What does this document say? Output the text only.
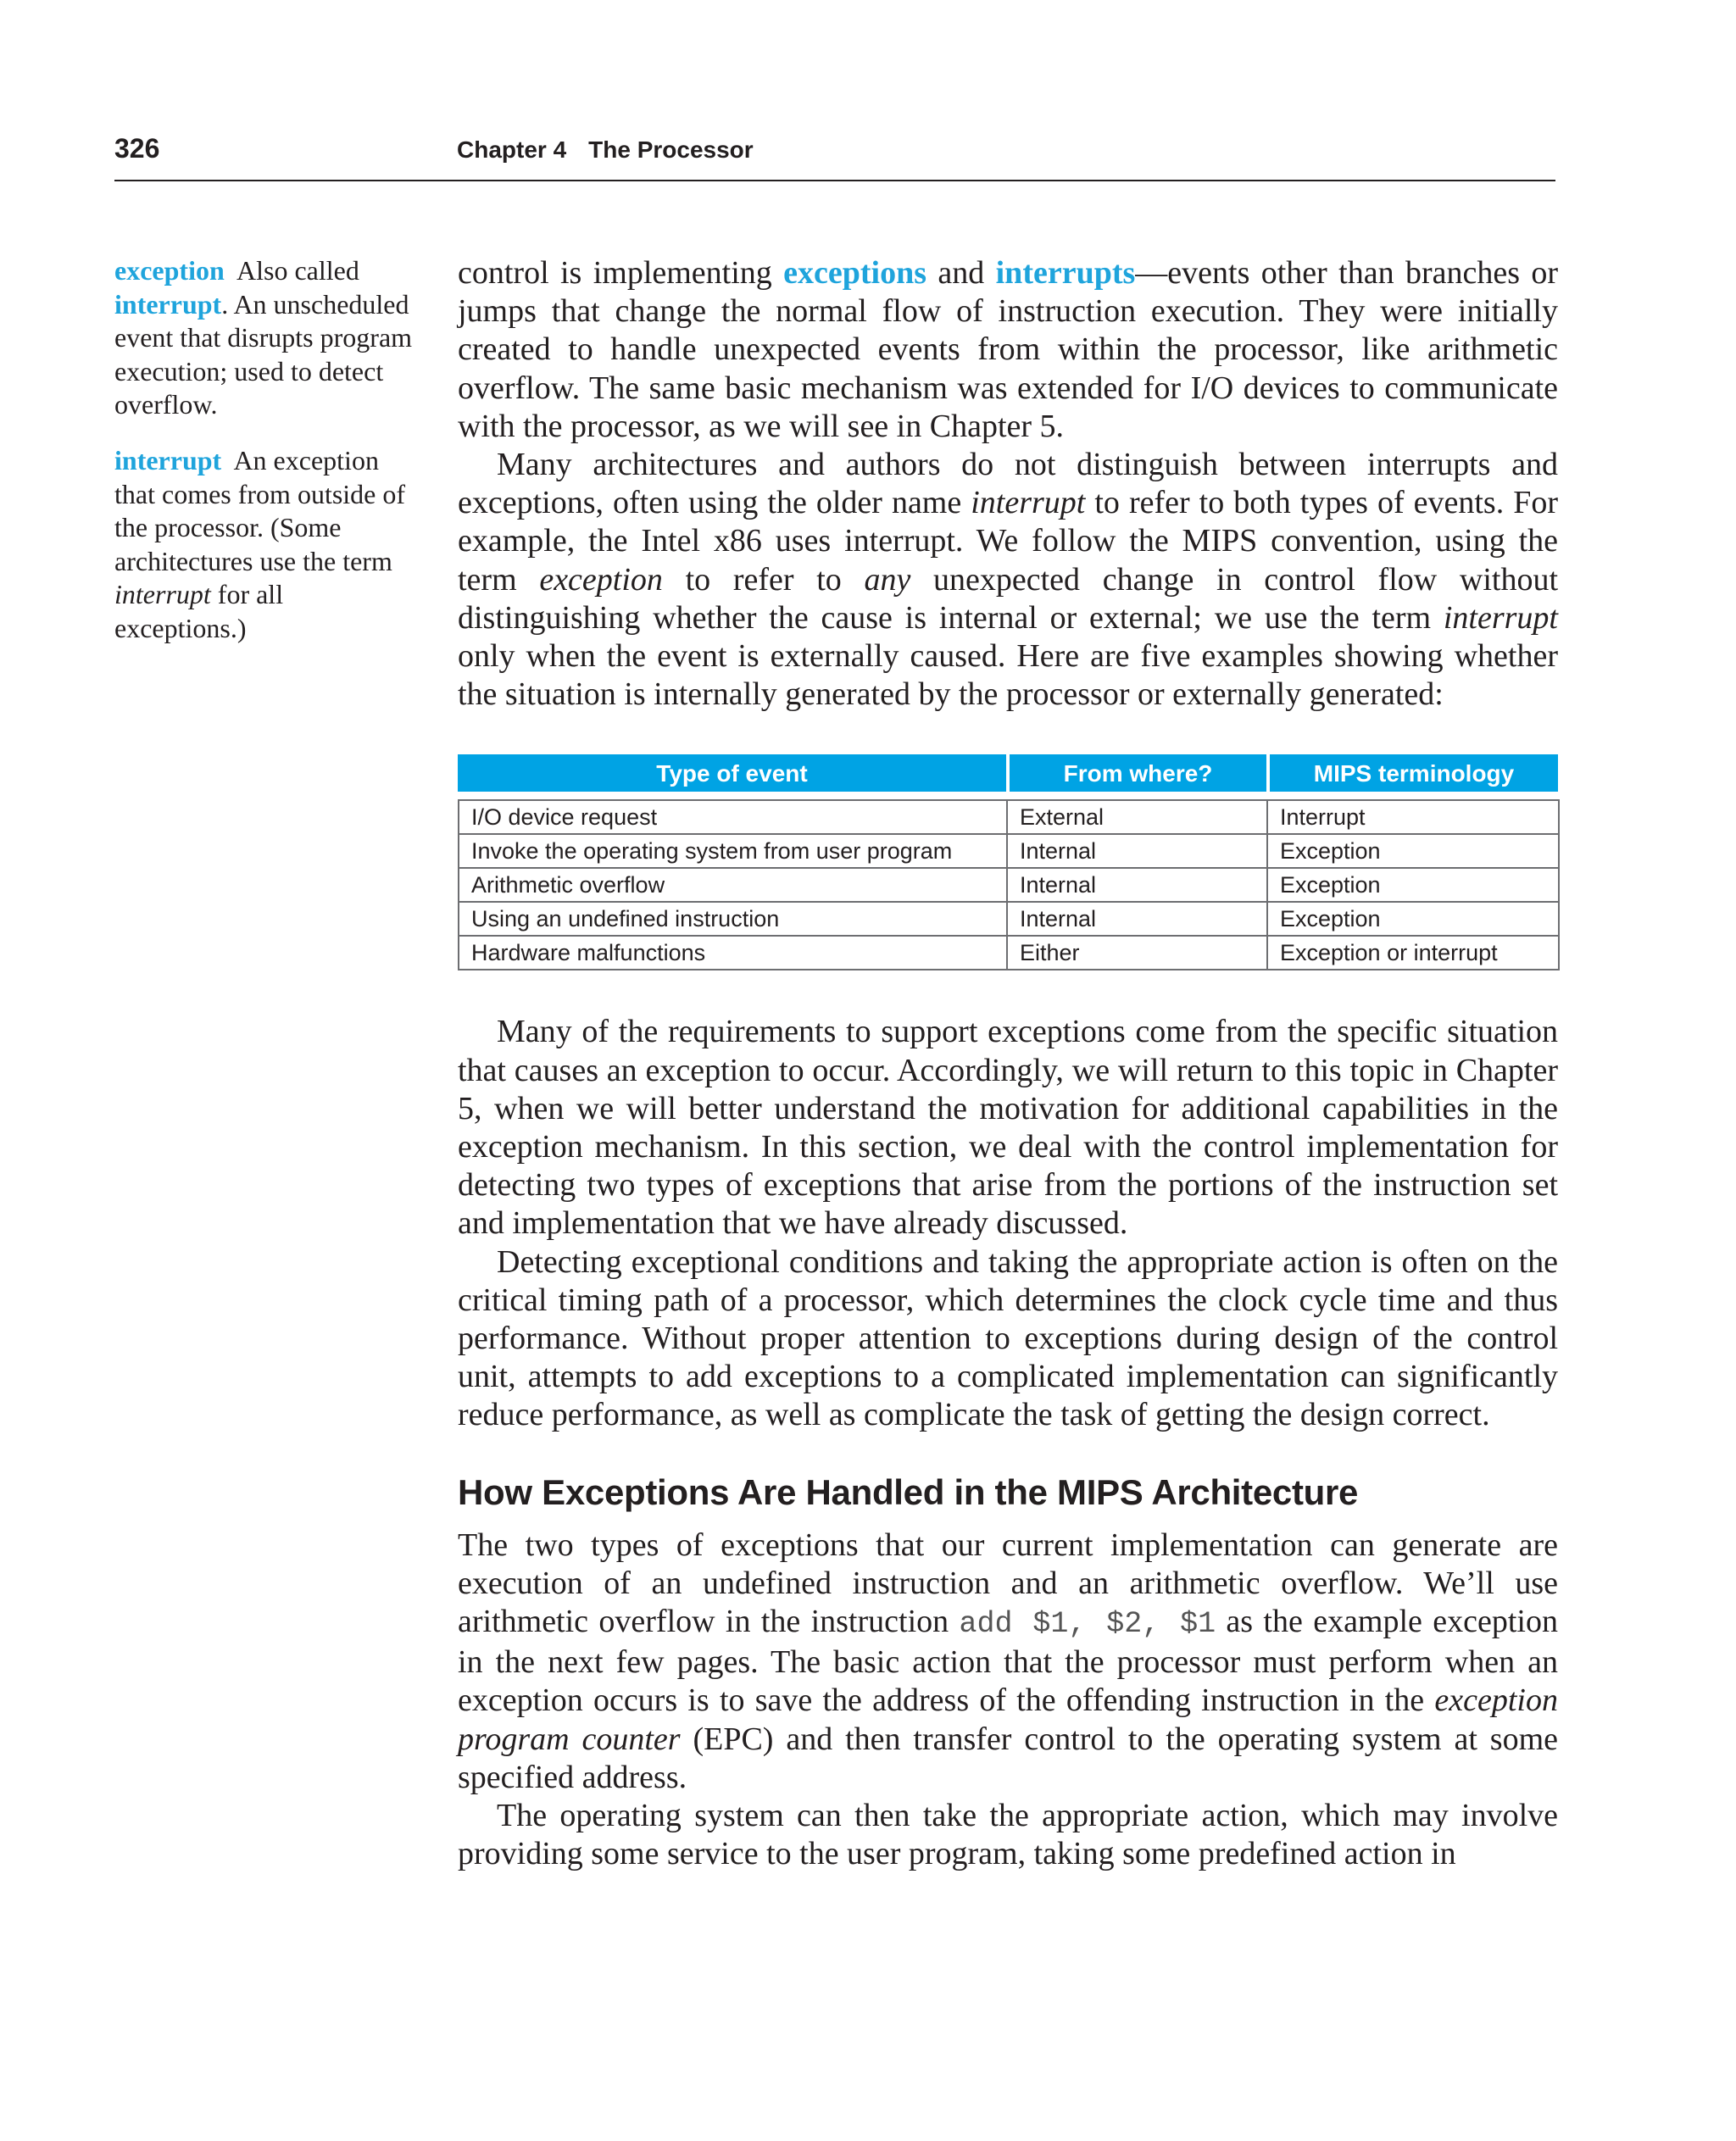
326	Chapter 4 The Processor

exception Also called interrupt. An unscheduled event that disrupts program execution; used to detect overflow.

interrupt An exception that comes from outside of the processor. (Some architectures use the term interrupt for all exceptions.)

control is implementing exceptions and interrupts—events other than branches or jumps that change the normal flow of instruction execution. They were initially created to handle unexpected events from within the processor, like arithmetic overflow. The same basic mechanism was extended for I/O devices to communicate with the processor, as we will see in Chapter 5.

Many architectures and authors do not distinguish between interrupts and exceptions, often using the older name interrupt to refer to both types of events. For example, the Intel x86 uses interrupt. We follow the MIPS convention, using the term exception to refer to any unexpected change in control flow without distinguishing whether the cause is internal or external; we use the term interrupt only when the event is externally caused. Here are five examples showing whether the situation is internally generated by the processor or externally generated:

Type of event	From where?	MIPS terminology
I/O device request	External	Interrupt
Invoke the operating system from user program	Internal	Exception
Arithmetic overflow	Internal	Exception
Using an undefined instruction	Internal	Exception
Hardware malfunctions	Either	Exception or interrupt

Many of the requirements to support exceptions come from the specific situation that causes an exception to occur. Accordingly, we will return to this topic in Chapter 5, when we will better understand the motivation for additional capabilities in the exception mechanism. In this section, we deal with the control implementation for detecting two types of exceptions that arise from the portions of the instruction set and implementation that we have already discussed.

Detecting exceptional conditions and taking the appropriate action is often on the critical timing path of a processor, which determines the clock cycle time and thus performance. Without proper attention to exceptions during design of the control unit, attempts to add exceptions to a complicated implementation can significantly reduce performance, as well as complicate the task of getting the design correct.

How Exceptions Are Handled in the MIPS Architecture

The two types of exceptions that our current implementation can generate are execution of an undefined instruction and an arithmetic overflow. We’ll use arithmetic overflow in the instruction add $1, $2, $1 as the example exception in the next few pages. The basic action that the processor must perform when an exception occurs is to save the address of the offending instruction in the exception program counter (EPC) and then transfer control to the operating system at some specified address.

The operating system can then take the appropriate action, which may involve providing some service to the user program, taking some predefined action in
